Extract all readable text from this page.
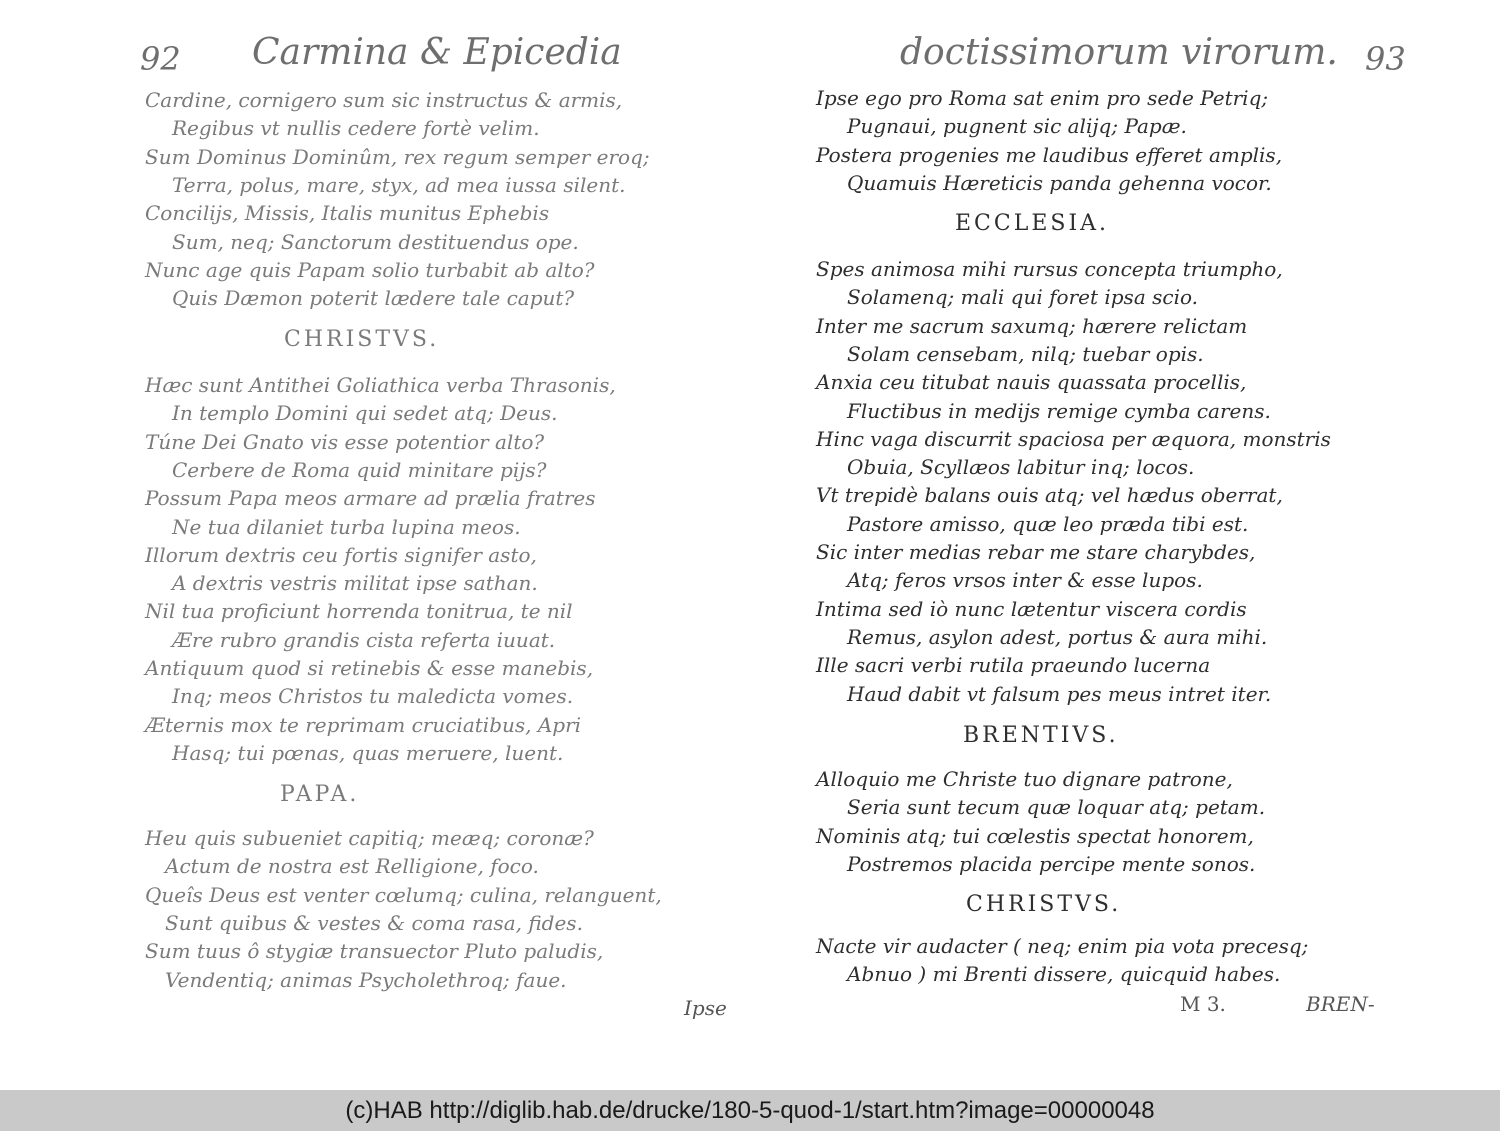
92 Carmina & Epicedia
Cardine, cornigero sum sic instructus & armis,
Regibus vt nullis cedere fortè velim.
Sum Dominus Dominûm, rex regum semper eroq;
Terra, polus, mare, styx, ad mea iussa silent.
Concilijs, Missis, Italis munitus Ephebis
Sum, neq; Sanctorum destituendus ope.
Nunc age quis Papam solio turbabit ab alto?
Quis Dæmon poterit lædere tale caput?
CHRISTVS.
Hæc sunt Antithei Goliathica verba Thrasonis,
In templo Domini qui sedet atq; Deus.
Túne Dei Gnato vis esse potentior alto?
Cerbere de Roma quid minitare pijs?
Possum Papa meos armare ad prælia fratres
Ne tua dilaniet turba lupina meos.
Illorum dextris ceu fortis signifer asto,
A dextris vestris militat ipse sathan.
Nil tua proficiunt horrenda tonitrua, te nil
Ære rubro grandis cista referta iuuat.
Antiquum quod si retinebis & esse manebis,
Inq; meos Christos tu maledicta vomes.
Æternis mox te reprimam cruciatibus, Apri
Hasq; tui pœnas, quas meruere, luent.
PAPA.
Heu quis subueniet capitiq; meæq; coronæ?
Actum de nostra est Relligione, foco.
Queîs Deus est venter cœlumq; culina, relanguent,
Sunt quibus & vestes & coma rasa, fides.
Sum tuus ô stygiæ transuector Pluto paludis,
Vendentiq; animas Psycholethroq; faue.
Ipse
doctissimorum virorum. 93
Ipse ego pro Roma sat enim pro sede Petriq;
Pugnaui, pugnent sic alijq; Papæ.
Postera progenies me laudibus efferet amplis,
Quamuis Hæreticis panda gehenna vocor.
ECCLESIA.
Spes animosa mihi rursus concepta triumpho,
Solamenq; mali qui foret ipsa scio.
Inter me sacrum saxumq; hærere relictam
Solam censebam, nilq; tuebar opis.
Anxia ceu titubat nauis quassata procellis,
Fluctibus in medijs remige cymba carens.
Hinc vaga discurrit spaciosa per æquora, monstris
Obuia, Scyllæos labitur inq; locos.
Vt trepidè balans ouis atq; vel hædus oberrat,
Pastore amisso, quæ leo præda tibi est.
Sic inter medias rebar me stare charybdes,
Atq; feros vrsos inter & esse lupos.
Intima sed iò nunc lætentur viscera cordis
Remus, asylon adest, portus & aura mihi.
Ille sacri verbi rutila praeundo lucerna
Haud dabit vt falsum pes meus intret iter.
BRENTIVS.
Alloquio me Christe tuo dignare patrone,
Seria sunt tecum quæ loquar atq; petam.
Nominis atq; tui cœlestis spectat honorem,
Postremos placida percipe mente sonos.
CHRISTVS.
Nacte vir audacter ( neq; enim pia vota precesq;
Abnuo ) mi Brenti dissere, quicquid habes.
M 3.	BREN-
(c)HAB http://diglib.hab.de/drucke/180-5-quod-1/start.htm?image=00000048
